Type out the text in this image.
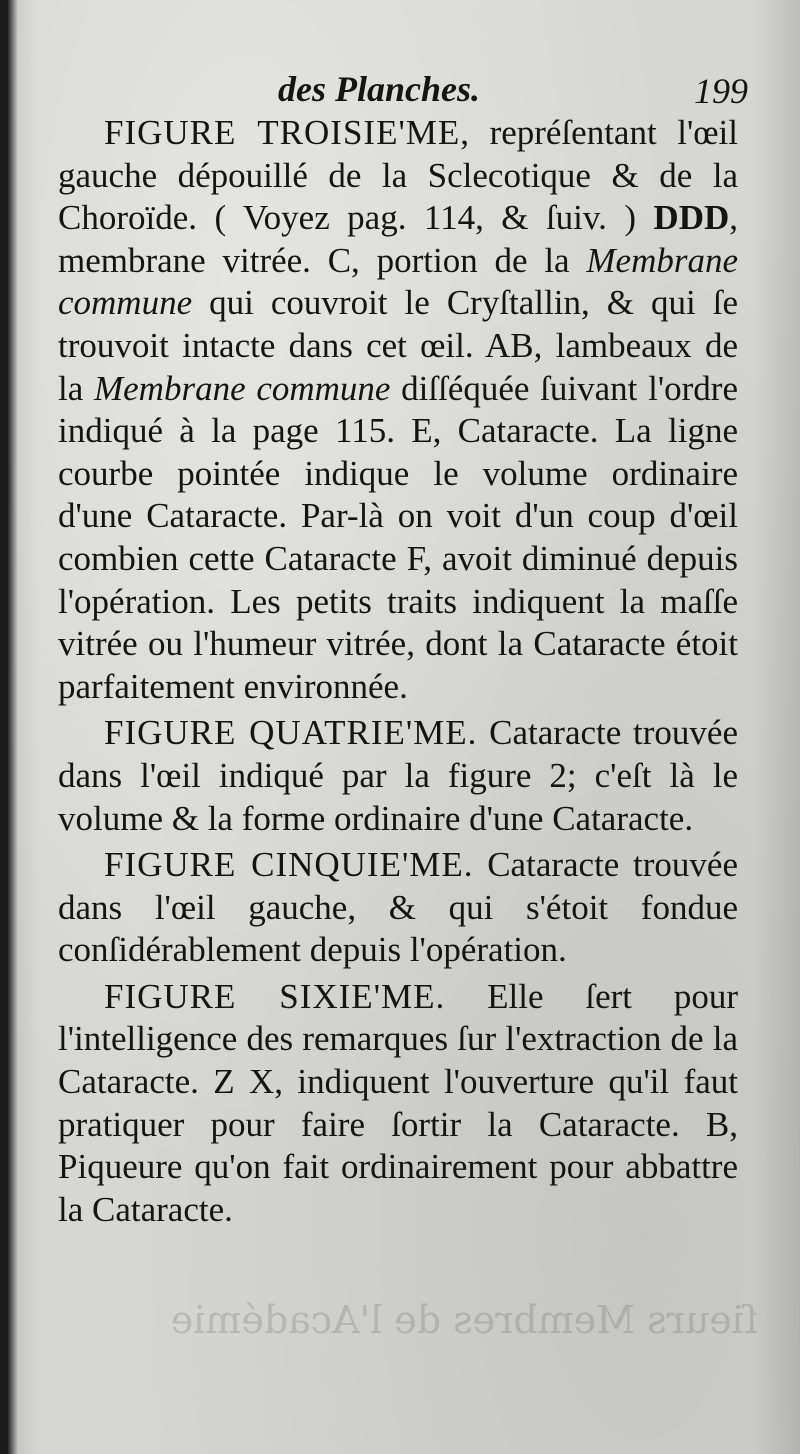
des Planches.	199

FIGURE TROISIE'ME, repréſentant l'œil gauche dépouillé de la Sclecotique & de la Choroïde. ( Voyez pag. 114, & ſuiv. ) DDD, membrane vitrée. C, portion de la Membrane commune qui couvroit le Cryſtallin, & qui ſe trouvoit intacte dans cet œil. AB, lambeaux de la Membrane commune diſſéquée ſuivant l'ordre indiqué à la page 115. E, Cataracte. La ligne courbe pointée indique le volume ordinaire d'une Cataracte. Par-là on voit d'un coup d'œil combien cette Cataracte F, avoit diminué depuis l'opération. Les petits traits indiquent la maſſe vitrée ou l'humeur vitrée, dont la Cataracte étoit parfaitement environnée.

FIGURE QUATRIE'ME. Cataracte trouvée dans l'œil indiqué par la figure 2; c'eſt là le volume & la forme ordinaire d'une Cataracte.

FIGURE CINQUIE'ME. Cataracte trouvée dans l'œil gauche, & qui s'étoit fondue conſidérablement depuis l'opération.

FIGURE SIXIE'ME. Elle ſert pour l'intelligence des remarques ſur l'extraction de la Cataracte. Z X, indiquent l'ouverture qu'il faut pratiquer pour faire ſortir la Cataracte. B, Piqueure qu'on fait ordinairement pour abbattre la Cataracte.

ſieurs Membres de l'Académie
